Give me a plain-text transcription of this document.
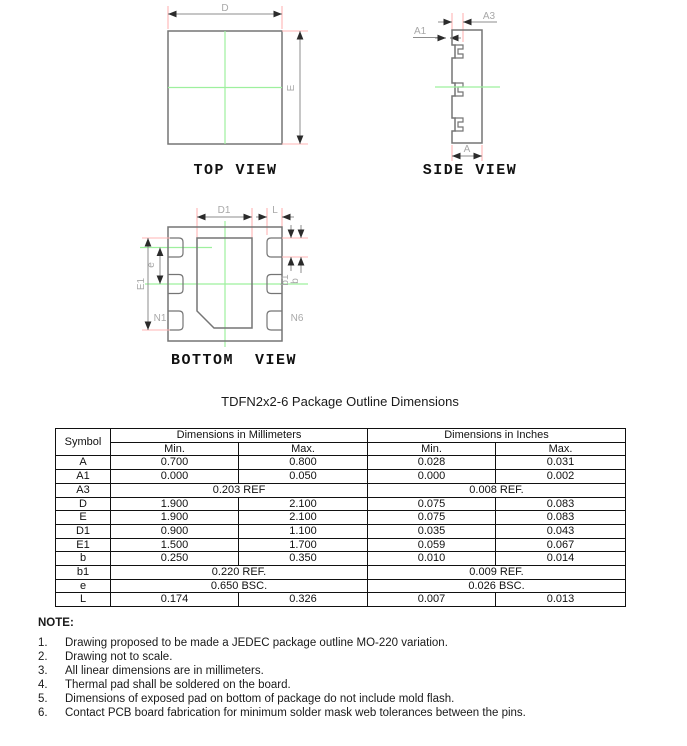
D
E
TOP VIEW
A3
A1
A
SIDE VIEW
D1	L
E1
e
b1 b
N1	N6
BOTTOM  VIEW
TDFN2x2-6 Package Outline Dimensions
Symbol	Dimensions in Millimeters		Dimensions in Inches	
	Min.	Max.	Min.	Max.
A	0.700	0.800	0.028	0.031
A1	0.000	0.050	0.000	0.002
A3	0.203 REF		0.008 REF.	
D	1.900	2.100	0.075	0.083
E	1.900	2.100	0.075	0.083
D1	0.900	1.100	0.035	0.043
E1	1.500	1.700	0.059	0.067
b	0.250	0.350	0.010	0.014
b1	0.220 REF.		0.009 REF.	
e	0.650 BSC.		0.026 BSC.	
L	0.174	0.326	0.007	0.013
NOTE:
1.	Drawing proposed to be made a JEDEC package outline MO-220 variation.
2.	Drawing not to scale.
3.	All linear dimensions are in millimeters.
4.	Thermal pad shall be soldered on the board.
5.	Dimensions of exposed pad on bottom of package do not include mold flash.
6.	Contact PCB board fabrication for minimum solder mask web tolerances between the pins.
